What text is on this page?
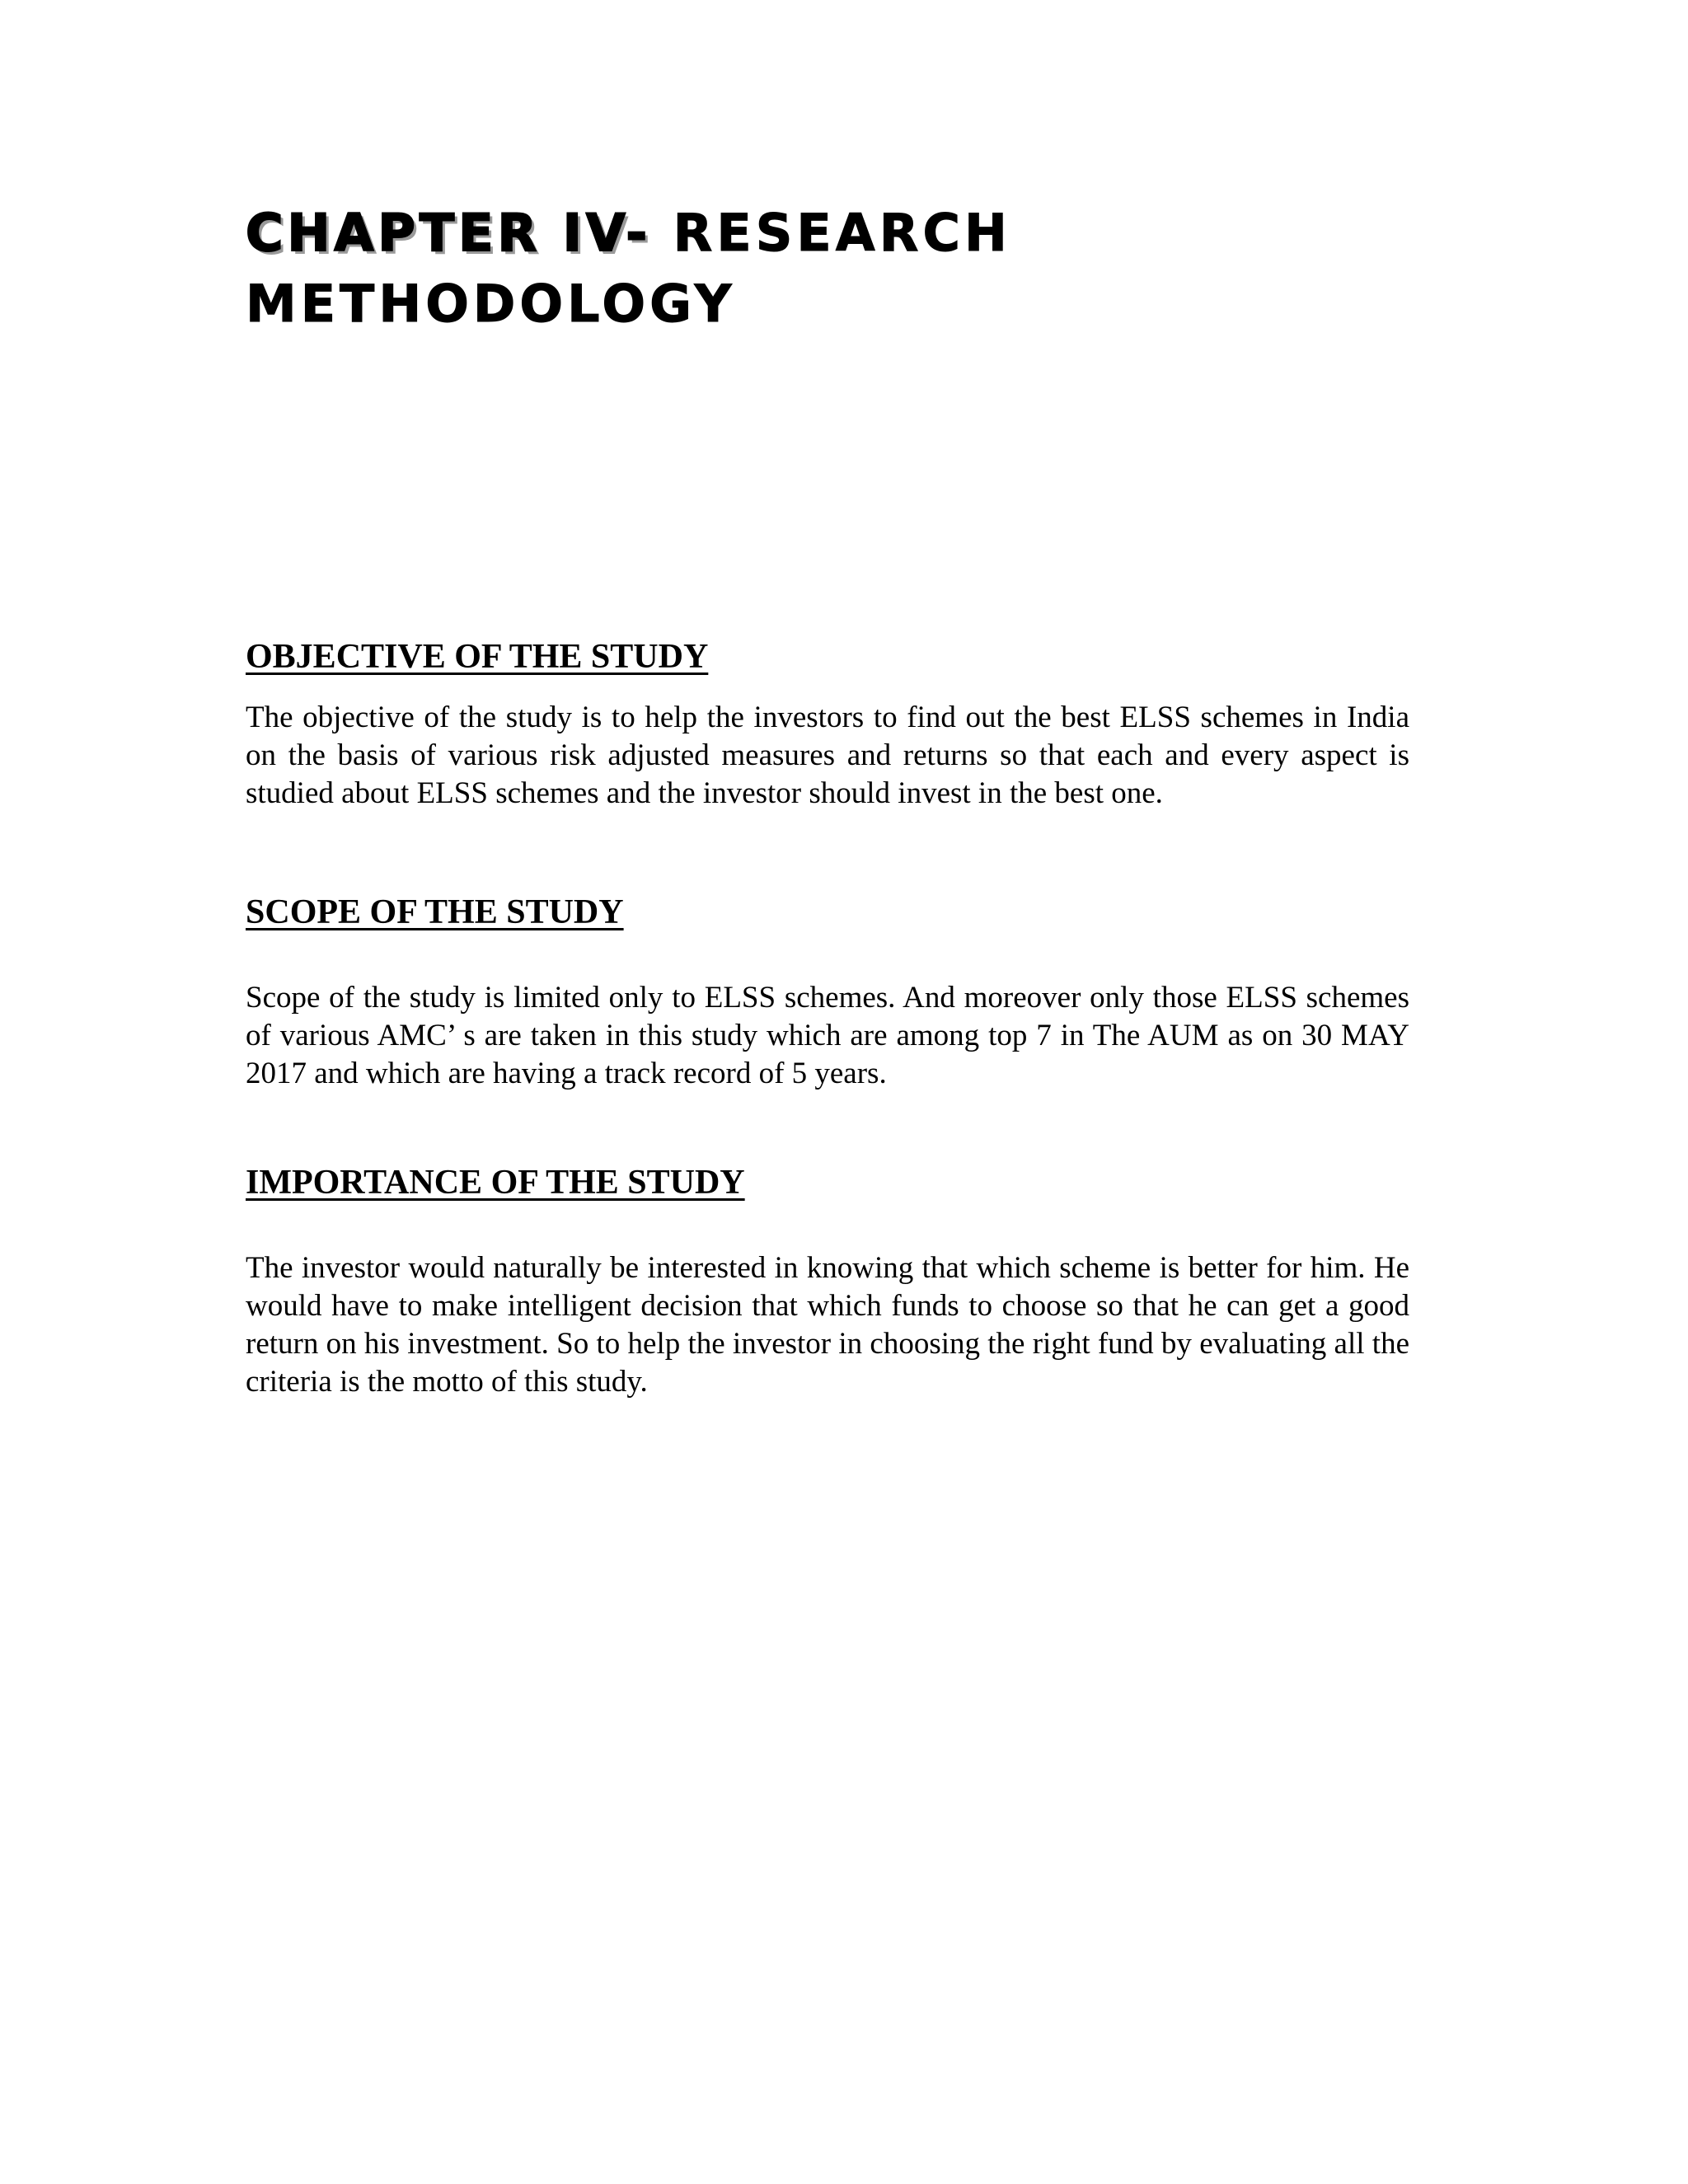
CHAPTER IV- RESEARCH
METHODOLOGY
OBJECTIVE OF THE STUDY

The objective of the study is to help the investors to find out the best ELSS schemes in India on the basis of various risk adjusted measures and returns so that each and every aspect is studied about ELSS schemes and the investor should invest in the best one.

SCOPE OF THE STUDY

Scope of the study is limited only to ELSS schemes. And moreover only those ELSS schemes of various AMC’ s are taken in this study which are among top 7 in The AUM as on 30 MAY 2017 and which are having a track record of 5 years.

IMPORTANCE OF THE STUDY

The investor would naturally be interested in knowing that which scheme is better for him. He would have to make intelligent decision that which funds to choose so that he can get a good return on his investment. So to help the investor in choosing the right fund by evaluating all the criteria is the motto of this study.
